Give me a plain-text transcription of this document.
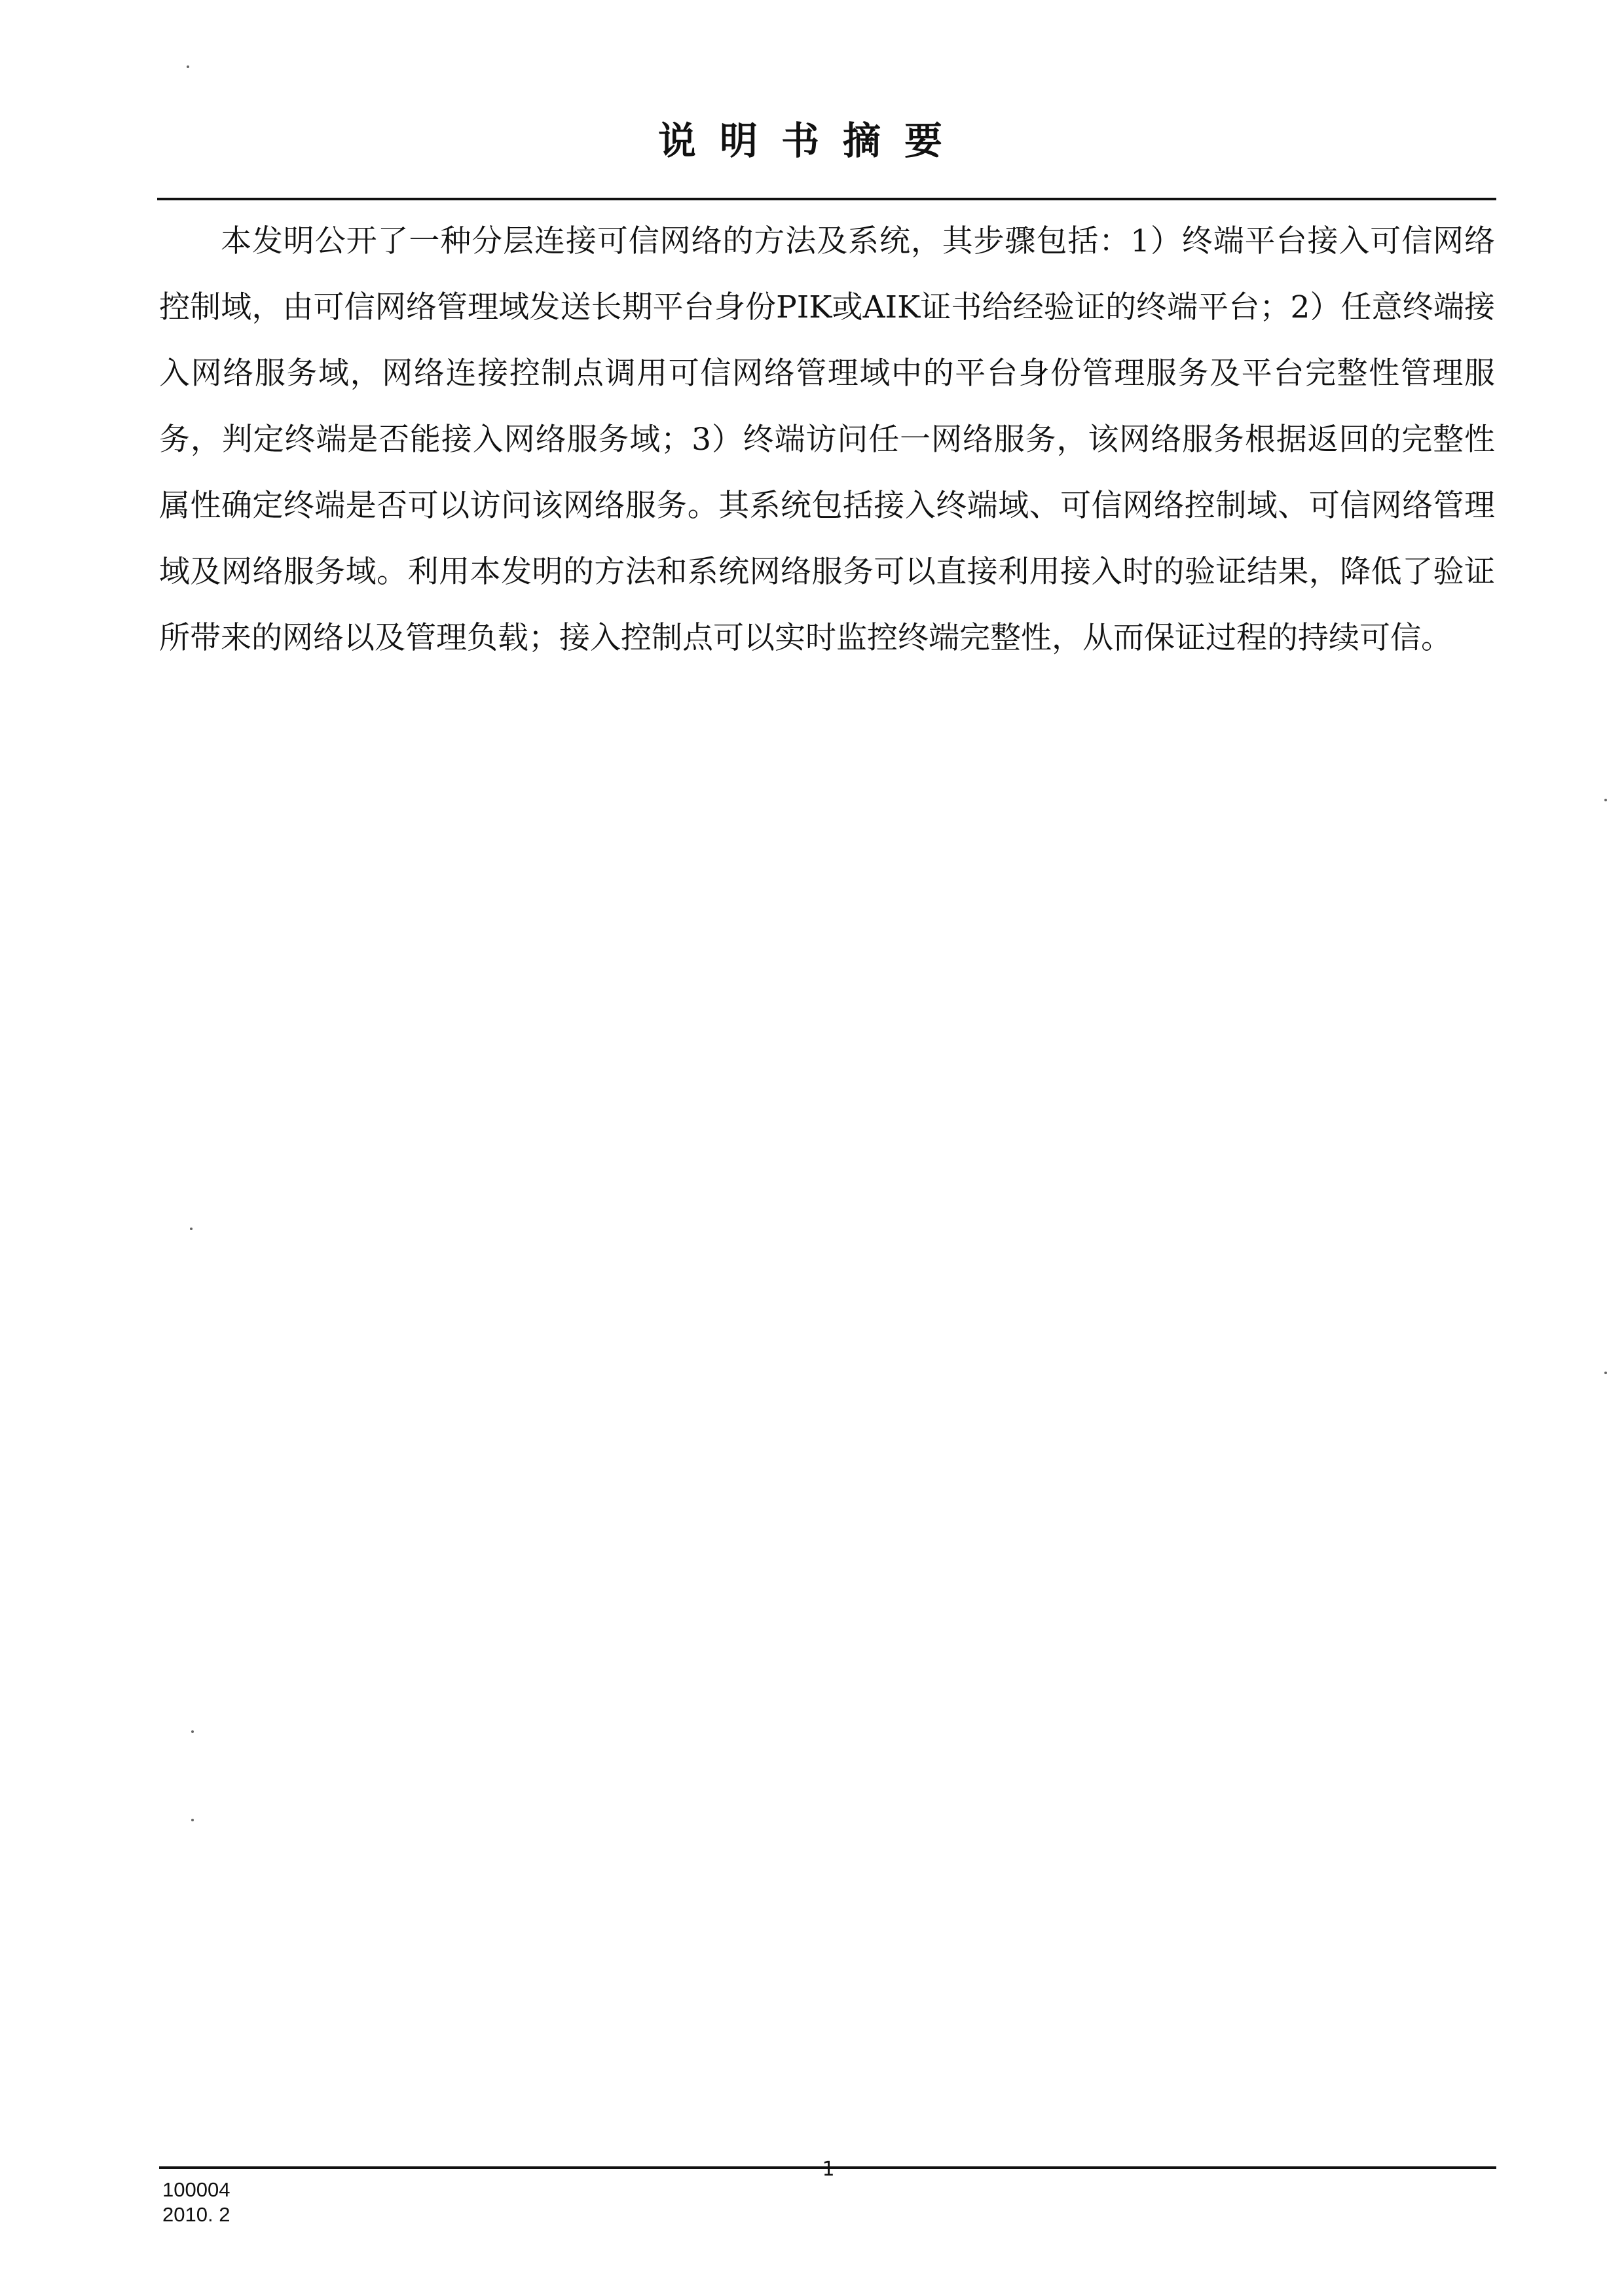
说明书摘要

本发明公开了一种分层连接可信网络的方法及系统，其步骤包括：1）终端平台接入可信网络控制域，由可信网络管理域发送长期平台身份PIK或AIK证书给经验证的终端平台；2）任意终端接入网络服务域，网络连接控制点调用可信网络管理域中的平台身份管理服务及平台完整性管理服务，判定终端是否能接入网络服务域；3）终端访问任一网络服务，该网络服务根据返回的完整性属性确定终端是否可以访问该网络服务。其系统包括接入终端域、可信网络控制域、可信网络管理域及网络服务域。利用本发明的方法和系统网络服务可以直接利用接入时的验证结果，降低了验证所带来的网络以及管理负载；接入控制点可以实时监控终端完整性，从而保证过程的持续可信。

1
100004
2010. 2
